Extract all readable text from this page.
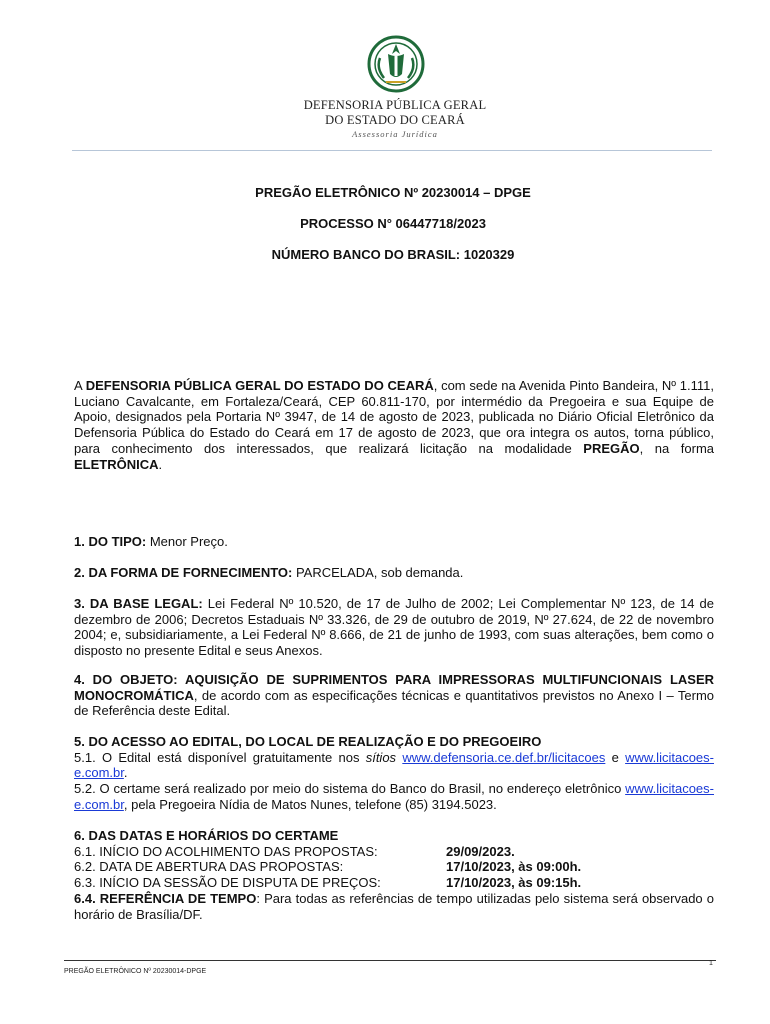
DEFENSORIA PÚBLICA GERAL
DO ESTADO DO CEARÁ
Assessoria Jurídica
PREGÃO ELETRÔNICO Nº 20230014 – DPGE
PROCESSO N° 06447718/2023
NÚMERO BANCO DO BRASIL: 1020329
A DEFENSORIA PÚBLICA GERAL DO ESTADO DO CEARÁ, com sede na Avenida Pinto Bandeira, Nº 1.111, Luciano Cavalcante, em Fortaleza/Ceará, CEP 60.811-170, por intermédio da Pregoeira e sua Equipe de Apoio, designados pela Portaria Nº 3947, de 14 de agosto de 2023, publicada no Diário Oficial Eletrônico da Defensoria Pública do Estado do Ceará em 17 de agosto de 2023, que ora integra os autos, torna público, para conhecimento dos interessados, que realizará licitação na modalidade PREGÃO, na forma ELETRÔNICA.
1. DO TIPO: Menor Preço.
2. DA FORMA DE FORNECIMENTO: PARCELADA, sob demanda.
3. DA BASE LEGAL: Lei Federal Nº 10.520, de 17 de Julho de 2002; Lei Complementar Nº 123, de 14 de dezembro de 2006; Decretos Estaduais Nº 33.326, de 29 de outubro de 2019, Nº 27.624, de 22 de novembro 2004; e, subsidiariamente, a Lei Federal Nº 8.666, de 21 de junho de 1993, com suas alterações, bem como o disposto no presente Edital e seus Anexos.
4. DO OBJETO: AQUISIÇÃO DE SUPRIMENTOS PARA IMPRESSORAS MULTIFUNCIONAIS LASER MONOCROMÁTICA, de acordo com as especificações técnicas e quantitativos previstos no Anexo I – Termo de Referência deste Edital.

5. DO ACESSO AO EDITAL, DO LOCAL DE REALIZAÇÃO E DO PREGOEIRO

5.1. O Edital está disponível gratuitamente nos sítios www.defensoria.ce.def.br/licitacoes e www.licitacoes-e.com.br.

5.2. O certame será realizado por meio do sistema do Banco do Brasil, no endereço eletrônico www.licitacoes-e.com.br, pela Pregoeira Nídia de Matos Nunes, telefone (85) 3194.5023.

6. DAS DATAS E HORÁRIOS DO CERTAME

6.1. INÍCIO DO ACOLHIMENTO DAS PROPOSTAS:	29/09/2023.
6.2. DATA DE ABERTURA DAS PROPOSTAS:	17/10/2023, às 09:00h.
6.3. INÍCIO DA SESSÃO DE DISPUTA DE PREÇOS:	17/10/2023, às 09:15h.

6.4. REFERÊNCIA DE TEMPO: Para todas as referências de tempo utilizadas pelo sistema será observado o horário de Brasília/DF.

1
PREGÃO ELETRÔNICO Nº 20230014-DPGE
